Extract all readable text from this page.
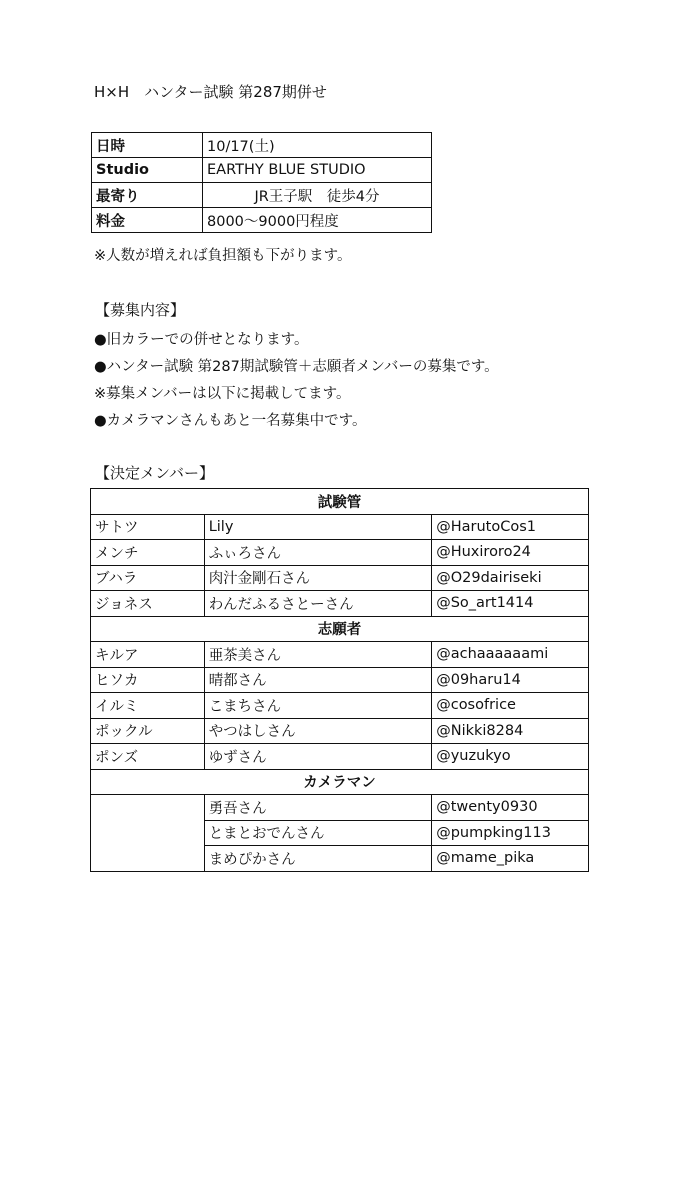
H×H　ハンター試験 第287期併せ
日時	10/17(土)
Studio	EARTHY BLUE STUDIO
最寄り	JR王子駅　徒歩4分
料金	8000～9000円程度
※人数が増えれば負担額も下がります。
【募集内容】
●旧カラーでの併せとなります。
●ハンター試験 第287期試験管＋志願者メンバーの募集です。
※募集メンバーは以下に掲載してます。
●カメラマンさんもあと一名募集中です。
【決定メンバー】
試験管		
サトツ	Lily	@HarutoCos1
メンチ	ふぃろさん	@Huxiroro24
ブハラ	肉汁金剛石さん	@O29dairiseki
ジョネス	わんだふるさとーさん	@So_art1414
志願者		
キルア	亜茶美さん	@achaaaaaami
ヒソカ	晴都さん	@09haru14
イルミ	こまちさん	@cosofrice
ポックル	やつはしさん	@Nikki8284
ポンズ	ゆずさん	@yuzukyo
カメラマン		
	勇吾さん	@twenty0930
	とまとおでんさん	@pumpking113
	まめぴかさん	@mame_pika
